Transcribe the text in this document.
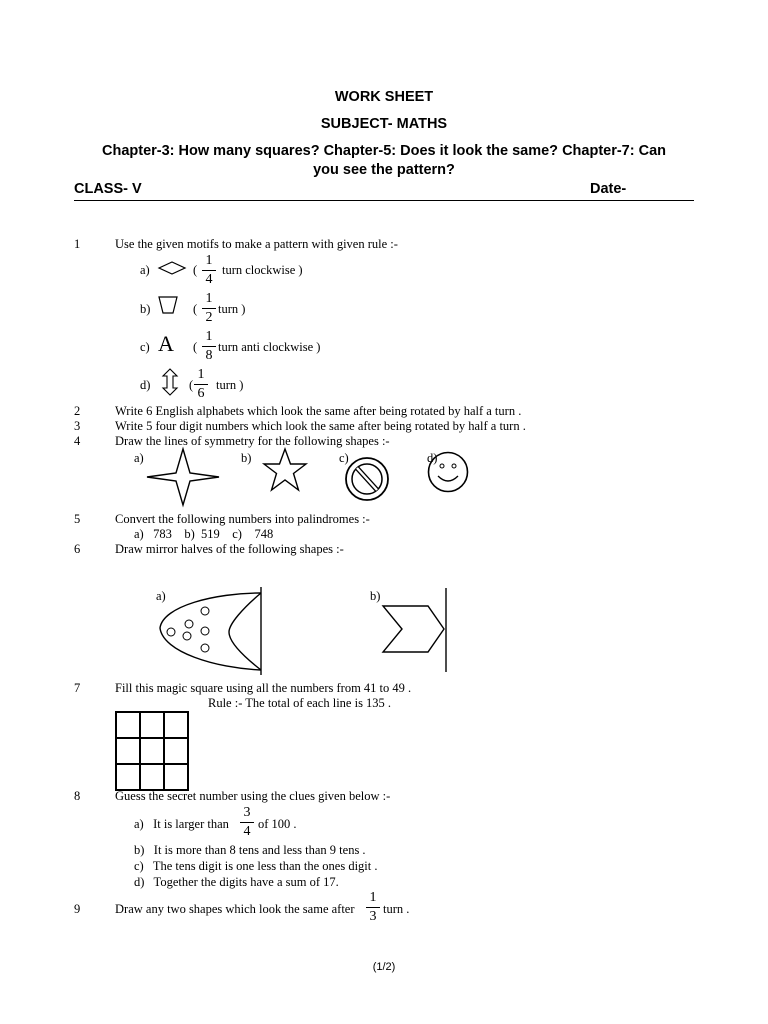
WORK SHEET
SUBJECT- MATHS
Chapter-3: How many squares? Chapter-5: Does it look the same? Chapter-7: Can
you see the pattern?
CLASS- V	Date-
1	Use the given motifs to make a pattern with given rule :-
a)	(
1
4
turn clockwise )
b)	(
1
2
turn )
c) A (
1
8
turn anti clockwise )
d)	(
1
6
turn )
2	Write 6 English alphabets which look the same after being rotated by half a turn .
3	Write 5 four digit numbers which look the same after being rotated by half a turn .
4	Draw the lines of symmetry for the following shapes :-
a)	b)	c)	d)
5	Convert the following numbers into palindromes :-
a)   783    b)  519    c)    748
6	Draw mirror halves of the following shapes :-
a)	b)
7	Fill this magic square using all the numbers from 41 to 49 .
Rule :- The total of each line is 135 .

8	Guess the secret number using the clues given below :-
a)   It is larger than
3
4 of 100 .
b)   It is more than 8 tens and less than 9 tens .
c)   The tens digit is one less than the ones digit .
d)   Together the digits have a sum of 17.
9	Draw any two shapes which look the same after
1
3 turn .
(1/2)
